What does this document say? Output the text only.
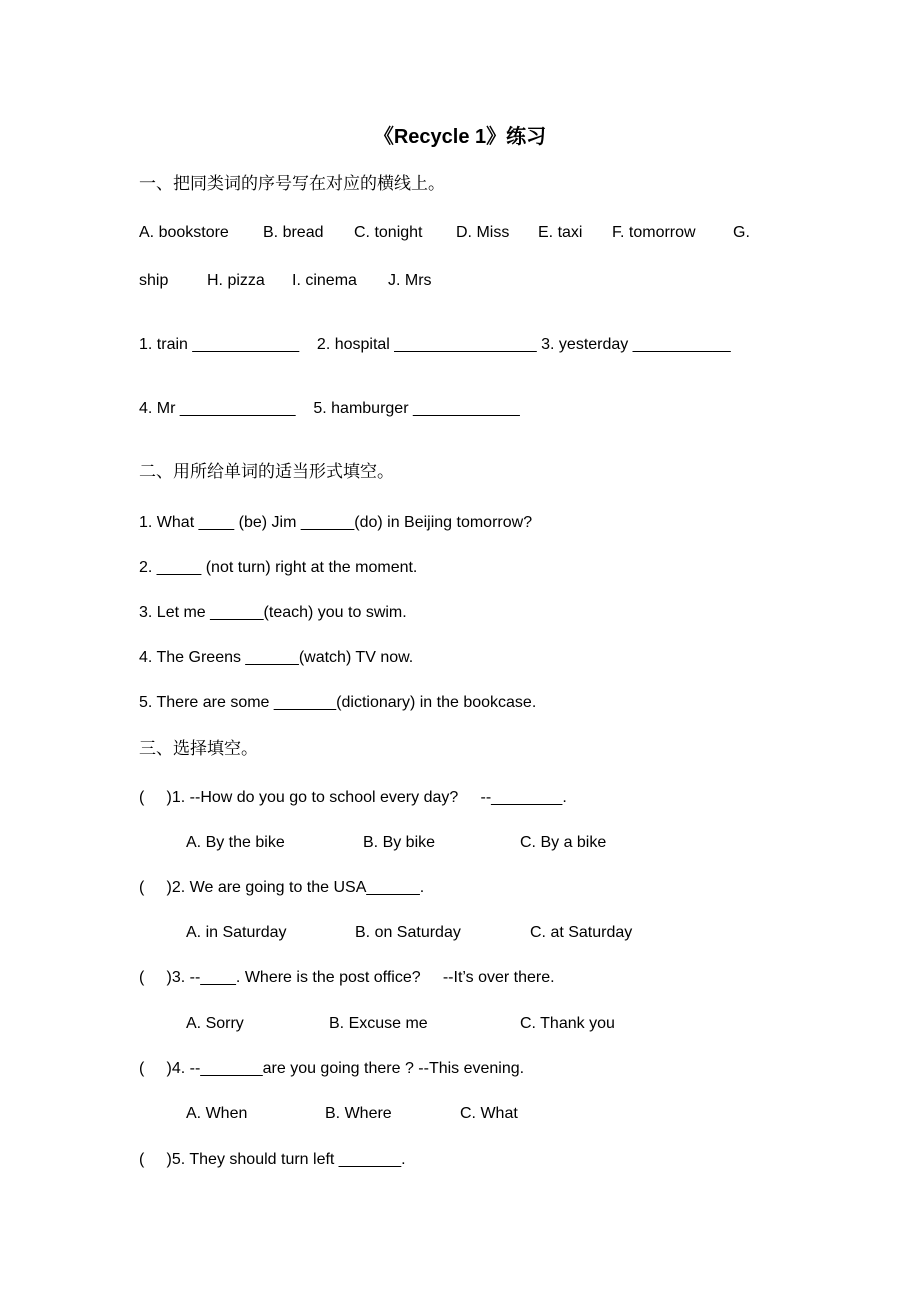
《Recycle 1》练习
一、把同类词的序号写在对应的横线上。
A. bookstore B. bread C. tonight D. Miss E. taxi F. tomorrow G.
ship H. pizza I. cinema J. Mrs
1. train ____________    2. hospital ________________ 3. yesterday ___________
4. Mr _____________    5. hamburger ____________
二、用所给单词的适当形式填空。
1. What ____ (be) Jim ______(do) in Beijing tomorrow?
2. _____ (not turn) right at the moment.
3. Let me ______(teach) you to swim.
4. The Greens ______(watch) TV now.
5. There are some _______(dictionary) in the bookcase.
三、选择填空。
(     )1. --How do you go to school every day?     --________.
A. By the bike	B. By bike	C. By a bike
(     )2. We are going to the USA______.
A. in Saturday	B. on Saturday	C. at Saturday
(     )3. --____. Where is the post office?     --It’s over there.
A. Sorry	B. Excuse me	C. Thank you
(     )4. --_______are you going there ? --This evening.
A. When	B. Where	C. What
(     )5. They should turn left _______.
